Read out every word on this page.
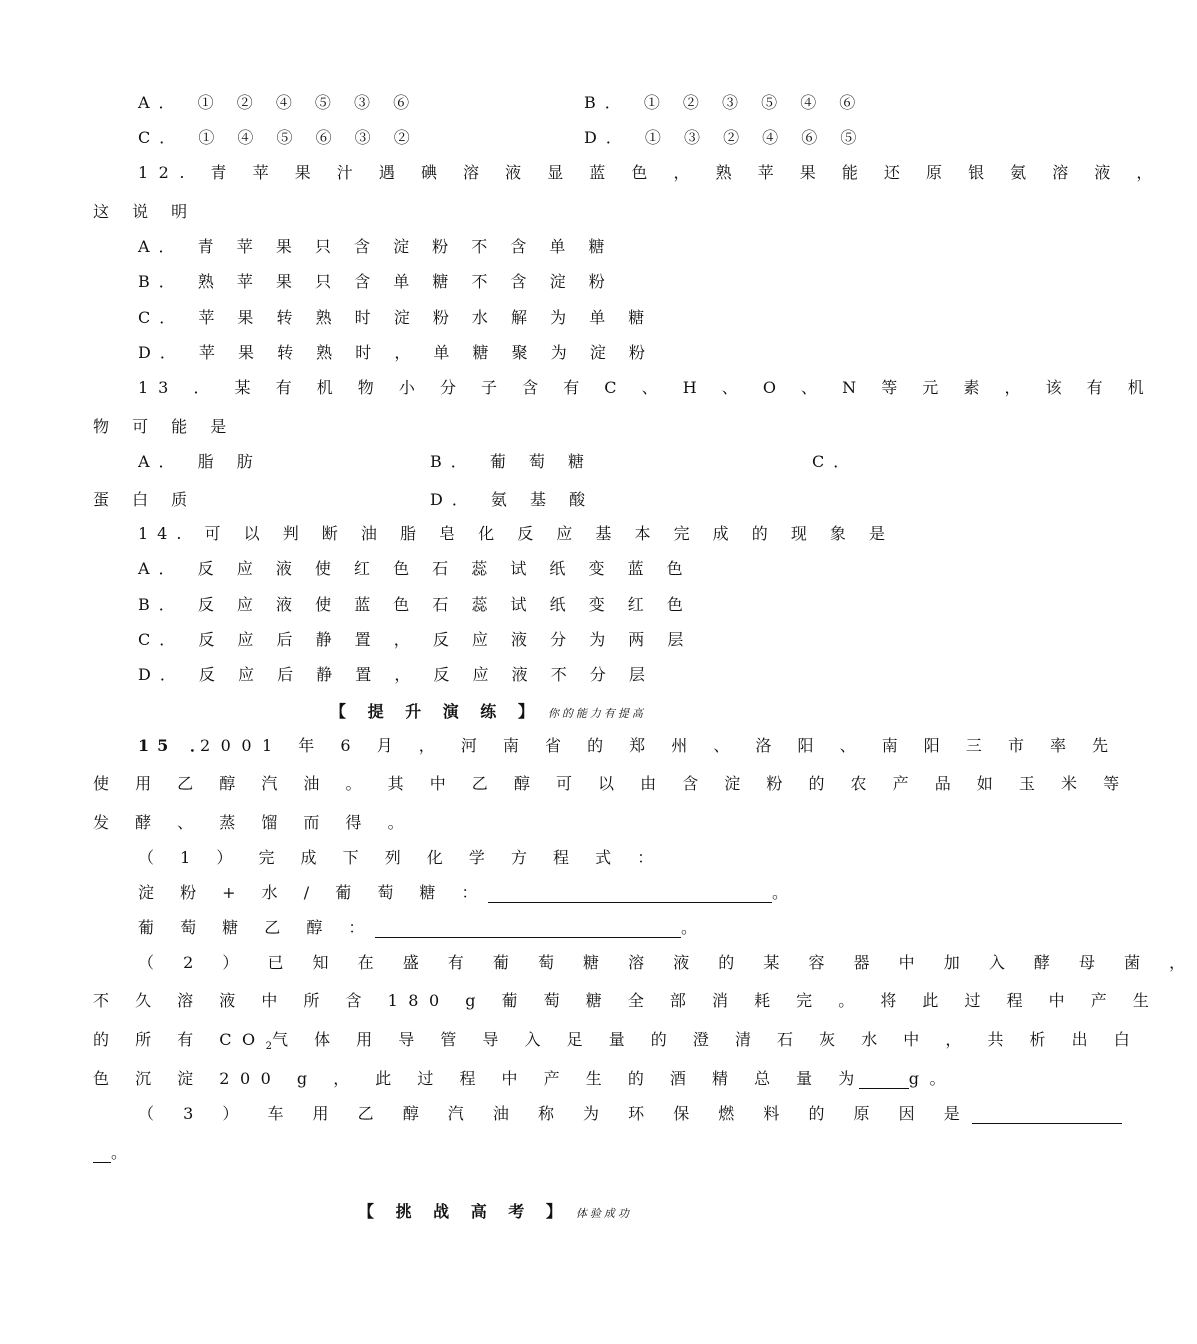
A． ① ② ④ ⑤ ③ ⑥	B． ① ② ③ ⑤ ④ ⑥
C． ① ④ ⑤ ⑥ ③ ②	D． ① ③ ② ④ ⑥ ⑤
12. 青 苹 果 汁 遇 碘 溶 液 显 蓝 色 ， 熟 苹 果 能 还 原 银 氨 溶 液 ，
这 说 明
A． 青 苹 果 只 含 淀 粉 不 含 单 糖
B． 熟 苹 果 只 含 单 糖 不 含 淀 粉
C． 苹 果 转 熟 时 淀 粉 水 解 为 单 糖
D． 苹 果 转 熟 时 ， 单 糖 聚 为 淀 粉
13 ． 某 有 机 物 小 分 子 含 有 C 、 H 、 O 、 N 等 元 素 ， 该 有 机
物 可 能 是
A． 脂 肪	B． 葡 萄 糖	C．
蛋 白 质	D． 氨 基 酸
14. 可 以 判 断 油 脂 皂 化 反 应 基 本 完 成 的 现 象 是
A． 反 应 液 使 红 色 石 蕊 试 纸 变 蓝 色
B． 反 应 液 使 蓝 色 石 蕊 试 纸 变 红 色
C． 反 应 后 静 置 ， 反 应 液 分 为 两 层
D． 反 应 后 静 置 ， 反 应 液 不 分 层
【 提 升 演 练 】 你的能力有提高
15 ．
2001 年 6 月 ， 河 南 省 的 郑 州 、 洛 阳 、 南 阳 三 市 率 先
使 用 乙 醇 汽 油 。 其 中 乙 醇 可 以 由 含 淀 粉 的 农 产 品 如 玉 米 等
发 酵 、 蒸 馏 而 得 。
（ 1 ） 完 成 下 列 化 学 方 程 式 ：
淀 粉 + 水 / 葡 萄 糖 ：	。
葡 萄 糖 乙 醇 ：	。
（ 2 ） 已 知 在 盛 有 葡 萄 糖 溶 液 的 某 容 器 中 加 入 酵 母 菌 ，
不 久 溶 液 中 所 含 180 g 葡 萄 糖 全 部 消 耗 完 。 将 此 过 程 中 产 生
的 所 有 $CO_2$气 体 用 导 管 导 入 足 量 的 澄 清 石 灰 水 中 ， 共 析 出 白
色 沉 淀 200 g ， 此 过 程 中 产 生 的 酒 精 总 量 为	g。
（ 3 ） 车 用 乙 醇 汽 油 称 为 环 保 燃 料 的 原 因 是
。
【 挑 战 高 考 】 体验成功
